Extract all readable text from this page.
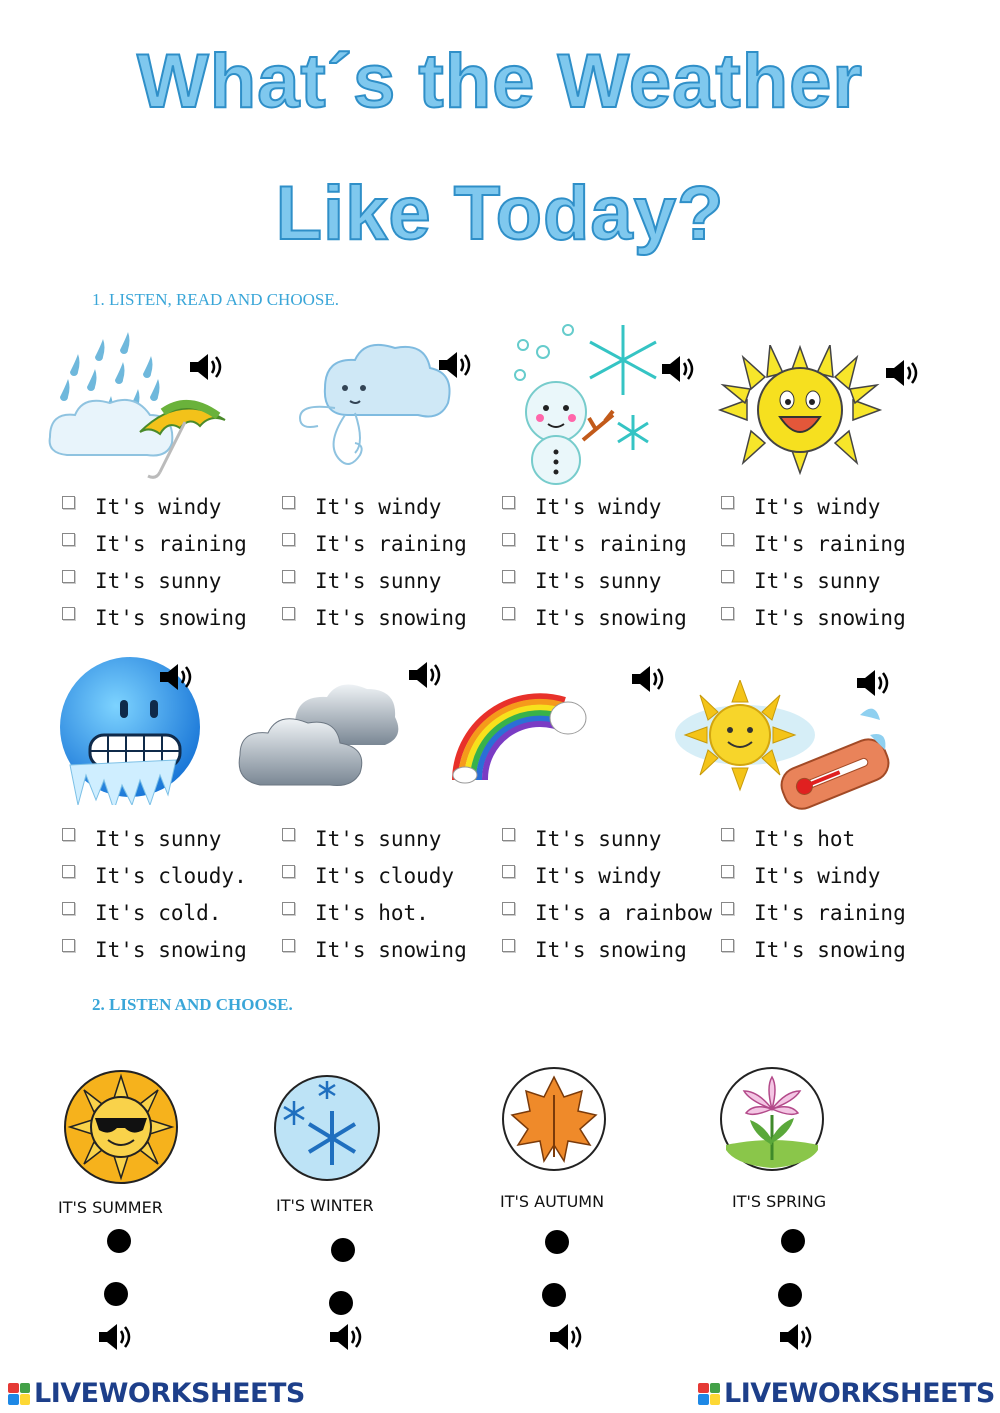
What´s the Weather
Like Today?
1. LISTEN, READ AND CHOOSE.
It's windy
It's raining
It's sunny
It's snowing
It's windy
It's raining
It's sunny
It's snowing
It's windy
It's raining
It's sunny
It's snowing
It's windy
It's raining
It's sunny
It's snowing
It's sunny
It's cloudy.
It's cold.
It's snowing
It's sunny
It's cloudy
It's hot.
It's snowing
It's sunny
It's windy
It's a rainbow
It's snowing
It's hot
It's windy
It's raining
It's snowing
2. LISTEN AND CHOOSE.
IT'S SUMMER	IT'S WINTER	IT'S AUTUMN	IT'S SPRING
LIVEWORKSHEETS	LIVEWORKSHEETS
